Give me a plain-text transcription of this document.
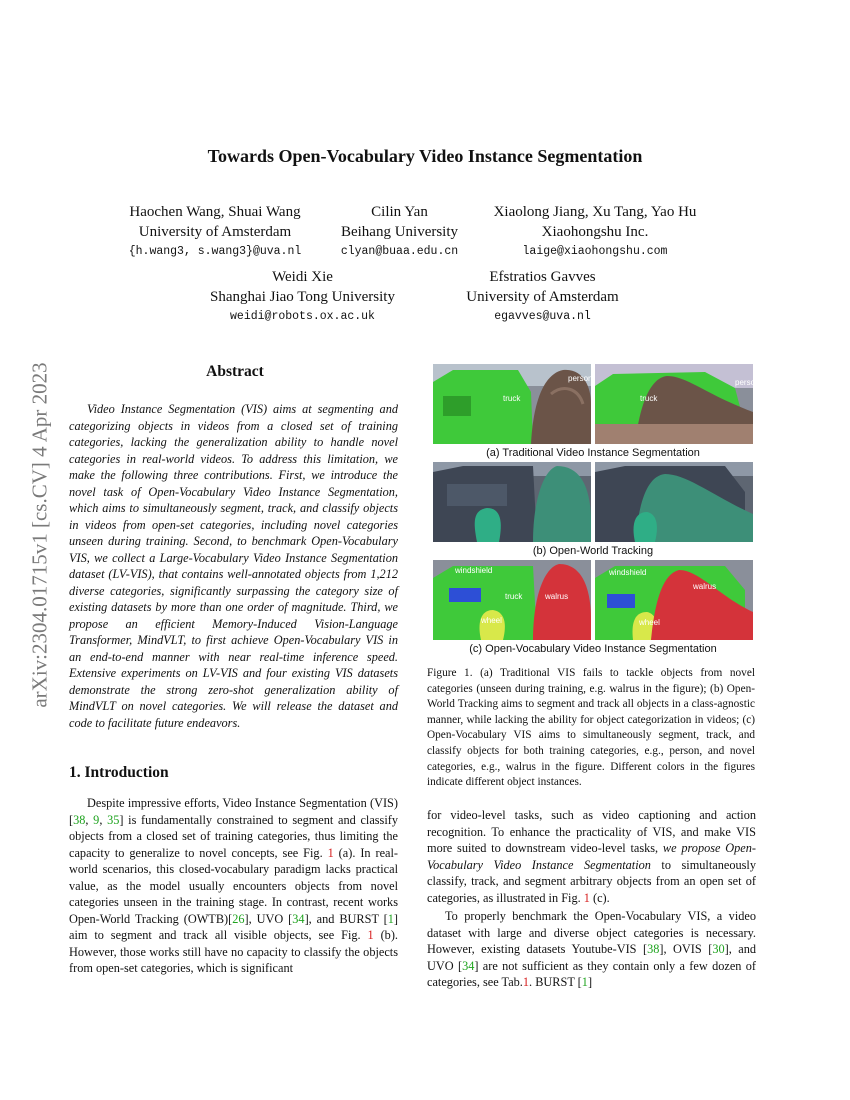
arXiv:2304.01715v1 [cs.CV] 4 Apr 2023
Towards Open-Vocabulary Video Instance Segmentation
Haochen Wang, Shuai Wang
University of Amsterdam
{h.wang3, s.wang3}@uva.nl
Cilin Yan
Beihang University
clyan@buaa.edu.cn
Xiaolong Jiang, Xu Tang, Yao Hu
Xiaohongshu Inc.
laige@xiaohongshu.com
Weidi Xie
Shanghai Jiao Tong University
weidi@robots.ox.ac.uk
Efstratios Gavves
University of Amsterdam
egavves@uva.nl
Abstract

Video Instance Segmentation (VIS) aims at segmenting and categorizing objects in videos from a closed set of training categories, lacking the generalization ability to handle novel categories in real-world videos. To address this limitation, we make the following three contributions. First, we introduce the novel task of Open-Vocabulary Video Instance Segmentation, which aims to simultaneously segment, track, and classify objects in videos from open-set categories, including novel categories unseen during training. Second, to benchmark Open-Vocabulary VIS, we collect a Large-Vocabulary Video Instance Segmentation dataset (LV-VIS), that contains well-annotated objects from 1,212 diverse categories, significantly surpassing the category size of existing datasets by more than one order of magnitude. Third, we propose an efficient Memory-Induced Vision-Language Transformer, MindVLT, to first achieve Open-Vocabulary VIS in an end-to-end manner with near real-time inference speed. Extensive experiments on LV-VIS and four existing VIS datasets demonstrate the strong zero-shot generalization ability of MindVLT on novel categories. We will release the dataset and code to facilitate future endeavors.

1. Introduction

Despite impressive efforts, Video Instance Segmentation (VIS) [38, 9, 35] is fundamentally constrained to segment and classify objects from a closed set of training categories, thus limiting the capacity to generalize to novel concepts, see Fig. 1 (a). In real-world scenarios, this closed-vocabulary paradigm lacks practical value, as the model usually encounters objects from novel categories unseen in the training stage. In contrast, recent works Open-World Tracking (OWTB)[26], UVO [34], and BURST [1] aim to segment and track all visible objects, see Fig. 1 (b). However, those works still have no capacity to classify the objects from open-set categories, which is significant

for video-level tasks, such as video captioning and action recognition. To enhance the practicality of VIS, and make VIS more suited to downstream video-level tasks, we propose Open-Vocabulary Video Instance Segmentation to simultaneously classify, track, and segment arbitrary objects from an open set of categories, as illustrated in Fig. 1 (c).

To properly benchmark the Open-Vocabulary VIS, a video dataset with large and diverse object categories is necessary. However, existing datasets Youtube-VIS [38], OVIS [30], and UVO [34] are not sufficient as they contain only a few dozen of categories, see Tab.1. BURST [1]

truck
person
truck
person
(a) Traditional Video Instance Segmentation
(b) Open-World Tracking
windshield
truck	walrus
wheel
windshield
walrus
wheel
(c) Open-Vocabulary Video Instance Segmentation

Figure 1. (a) Traditional VIS fails to tackle objects from novel categories (unseen during training, e.g. walrus in the figure); (b) Open-World Tracking aims to segment and track all objects in a class-agnostic manner, while lacking the ability for object categorization in videos; (c) Open-Vocabulary VIS aims to simultaneously segment, track, and classify objects for both training categories, e.g., person, and novel categories, e.g., walrus in the figure. Different colors in the figures indicate different object instances.
